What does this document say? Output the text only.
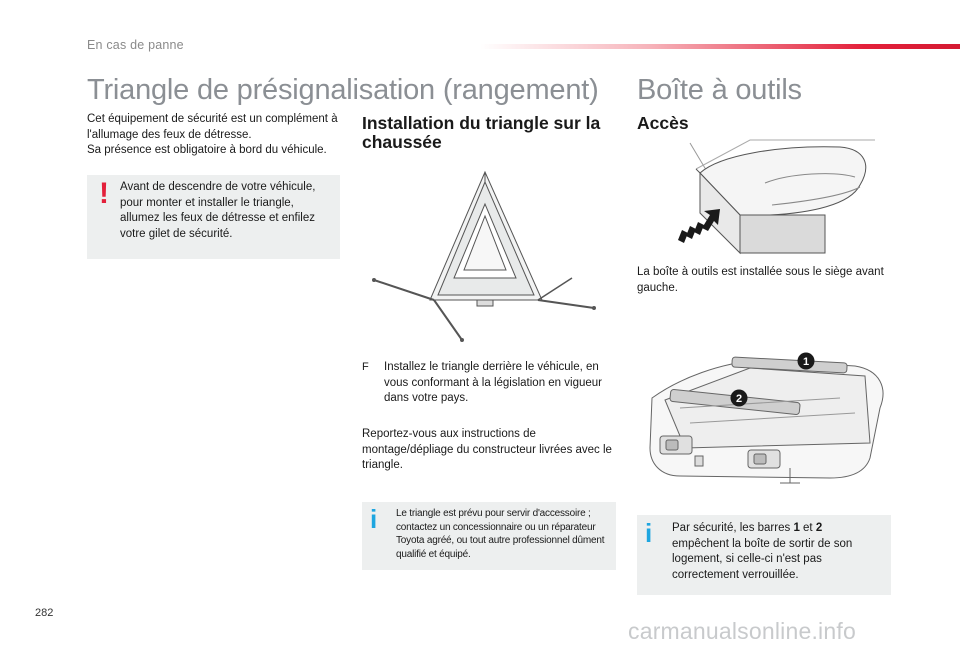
En cas de panne
Triangle de présignalisation (rangement)
Cet équipement de sécurité est un complément à l'allumage des feux de détresse.
Sa présence est obligatoire à bord du véhicule.
! Avant de descendre de votre véhicule, pour monter et installer le triangle, allumez les feux de détresse et enfilez votre gilet de sécurité.
Installation du triangle sur la chaussée
F Installez le triangle derrière le véhicule, en vous conformant à la législation en vigueur dans votre pays.
Reportez-vous aux instructions de montage/dépliage du constructeur livrées avec le triangle.
i Le triangle est prévu pour servir d'accessoire ; contactez un concessionnaire ou un réparateur Toyota agréé, ou tout autre professionnel dûment qualifié et équipé.
Boîte à outils
Accès
La boîte à outils est installée sous le siège avant gauche.
1
2
i Par sécurité, les barres 1 et 2 empêchent la boîte de sortir de son logement, si celle-ci n'est pas correctement verrouillée.
282
carmanualsonline.info
